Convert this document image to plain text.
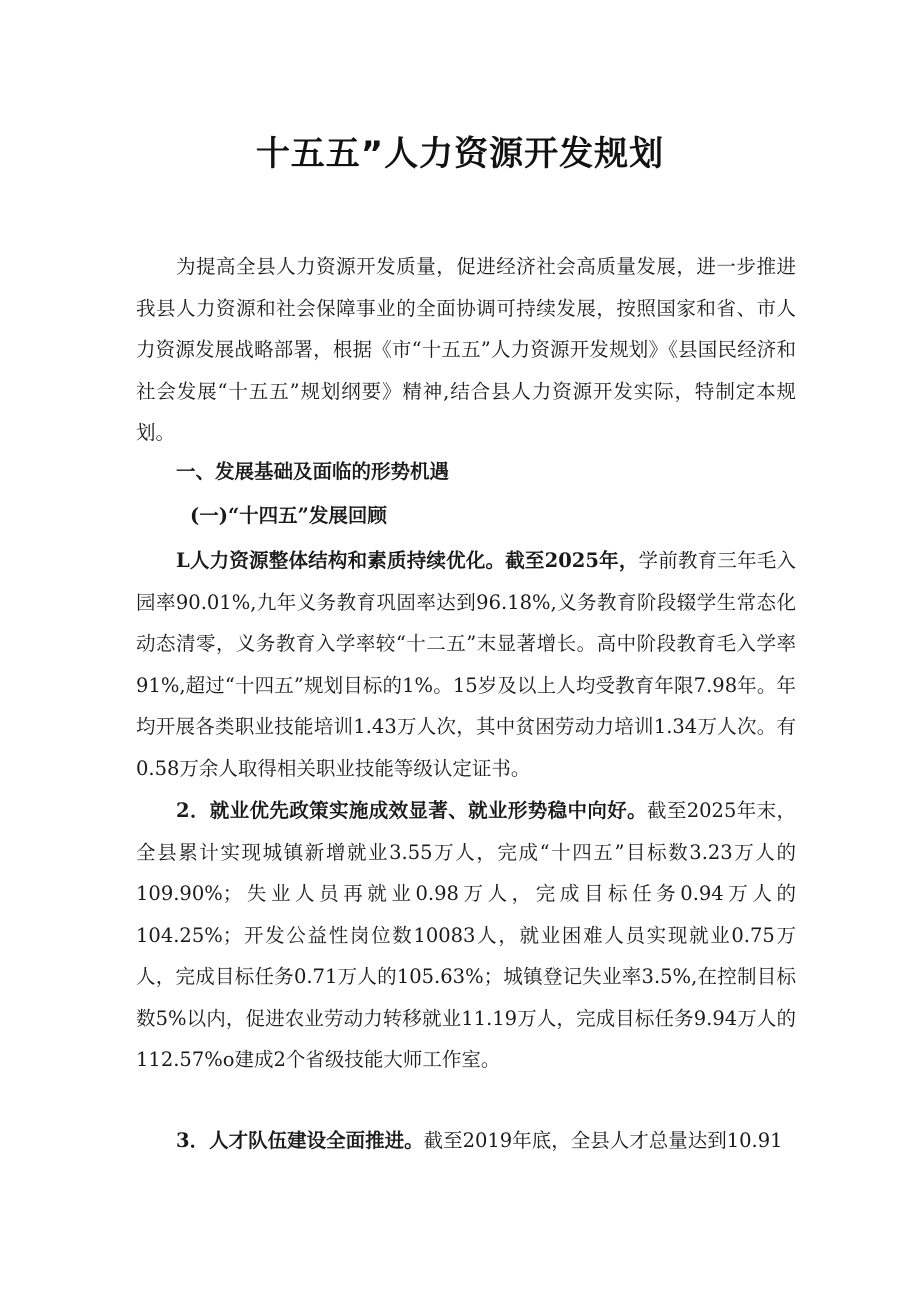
十五五”人力资源开发规划

为提高全县人力资源开发质量，促进经济社会高质量发展，进一步推进我县人力资源和社会保障事业的全面协调可持续发展，按照国家和省、市人力资源发展战略部署，根据《市“十五五”人力资源开发规划》《县国民经济和社会发展“十五五”规划纲要》精神,结合县人力资源开发实际，特制定本规划。

一、发展基础及面临的形势机遇

(一)“十四五”发展回顾

L人力资源整体结构和素质持续优化。截至2025年，学前教育三年毛入园率90.01%,九年义务教育巩固率达到96.18%,义务教育阶段辍学生常态化动态清零，义务教育入学率较“十二五”末显著增长。高中阶段教育毛入学率91%,超过“十四五”规划目标的1%。15岁及以上人均受教育年限7.98年。年均开展各类职业技能培训1.43万人次，其中贫困劳动力培训1.34万人次。有0.58万余人取得相关职业技能等级认定证书。

2．就业优先政策实施成效显著、就业形势稳中向好。截至2025年末，全县累计实现城镇新增就业3.55万人，完成“十四五”目标数3.23万人的109.90%；失业人员再就业0.98万人，完成目标任务0.94万人的104.25%；开发公益性岗位数10083人，就业困难人员实现就业0.75万人，完成目标任务0.71万人的105.63%；城镇登记失业率3.5%,在控制目标数5%以内，促进农业劳动力转移就业11.19万人，完成目标任务9.94万人的112.57%o建成2个省级技能大师工作室。

3．人才队伍建设全面推进。截至2019年底，全县人才总量达到10.91
